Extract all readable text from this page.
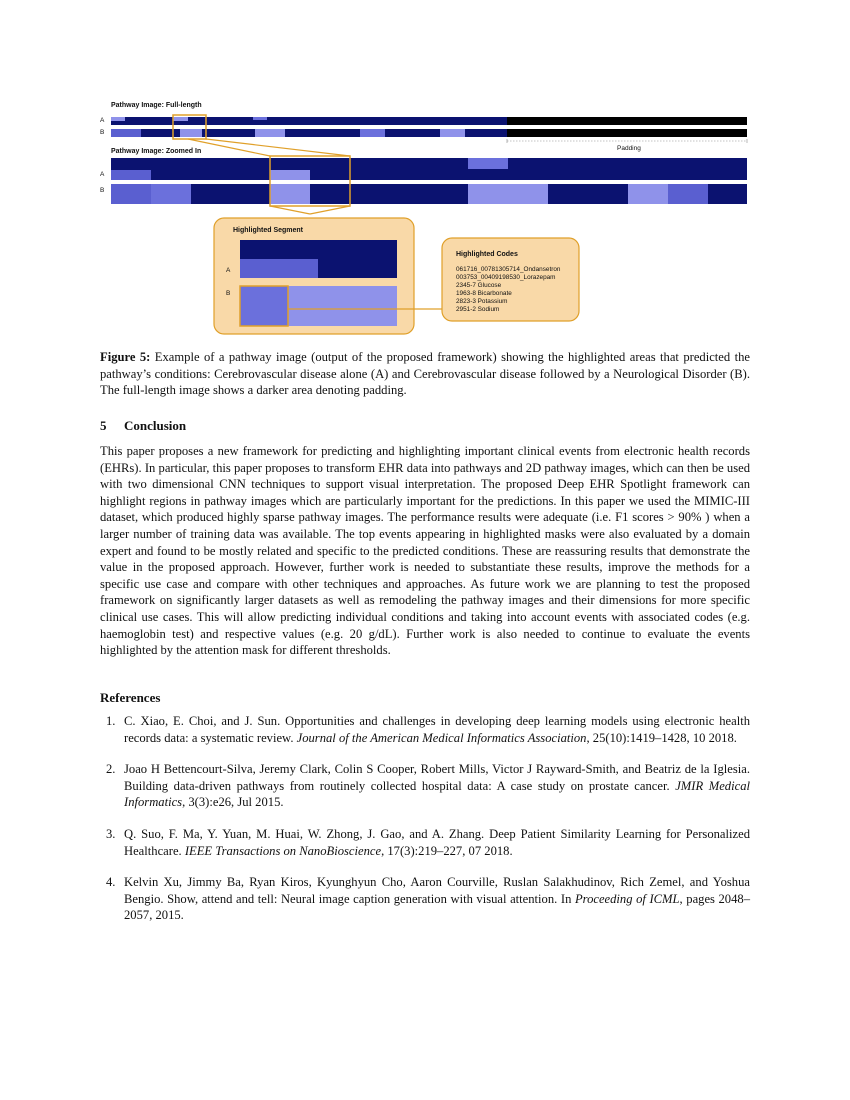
Pathway Image: Full-length
A
B
Padding
Pathway Image: Zoomed In
A
B
Highlighted Segment
A
B
Highlighted Codes
061716_00781305714_Ondansetron
003753_00409198530_Lorazepam
2345-7 Glucose
1963-8 Bicarbonate
2823-3 Potassium
2951-2 Sodium
Figure 5: Example of a pathway image (output of the proposed framework) showing the highlighted areas that predicted the pathway’s conditions: Cerebrovascular disease alone (A) and Cerebrovascular disease followed by a Neurological Disorder (B). The full-length image shows a darker area denoting padding.
5 Conclusion
This paper proposes a new framework for predicting and highlighting important clinical events from electronic health records (EHRs). In particular, this paper proposes to transform EHR data into pathways and 2D pathway images, which can then be used with two dimensional CNN techniques to support visual interpretation. The proposed Deep EHR Spotlight framework can highlight regions in pathway images which are particularly important for the predictions. In this paper we used the MIMIC-III dataset, which produced highly sparse pathway images. The performance results were adequate (i.e. F1 scores > 90% ) when a larger number of training data was available. The top events appearing in highlighted masks were also evaluated by a domain expert and found to be mostly related and specific to the predicted conditions. These are reassuring results that demonstrate the value in the proposed approach. However, further work is needed to substantiate these results, improve the methods for a specific use case and compare with other techniques and approaches. As future work we are planning to test the proposed framework on significantly larger datasets as well as remodeling the pathway images and their dimensions for more specific clinical use cases. This will allow predicting individual conditions and taking into account events with associated codes (e.g. haemoglobin test) and respective values (e.g. 20 g/dL). Further work is also needed to continue to evaluate the events highlighted by the attention mask for different thresholds.
References
1. C. Xiao, E. Choi, and J. Sun. Opportunities and challenges in developing deep learning models using electronic health records data: a systematic review. Journal of the American Medical Informatics Association, 25(10):1419–1428, 10 2018.
2. Joao H Bettencourt-Silva, Jeremy Clark, Colin S Cooper, Robert Mills, Victor J Rayward-Smith, and Beatriz de la Iglesia. Building data-driven pathways from routinely collected hospital data: A case study on prostate cancer. JMIR Medical Informatics, 3(3):e26, Jul 2015.
3. Q. Suo, F. Ma, Y. Yuan, M. Huai, W. Zhong, J. Gao, and A. Zhang. Deep Patient Similarity Learning for Personalized Healthcare. IEEE Transactions on NanoBioscience, 17(3):219–227, 07 2018.
4. Kelvin Xu, Jimmy Ba, Ryan Kiros, Kyunghyun Cho, Aaron Courville, Ruslan Salakhudinov, Rich Zemel, and Yoshua Bengio. Show, attend and tell: Neural image caption generation with visual attention. In Proceeding of ICML, pages 2048–2057, 2015.
